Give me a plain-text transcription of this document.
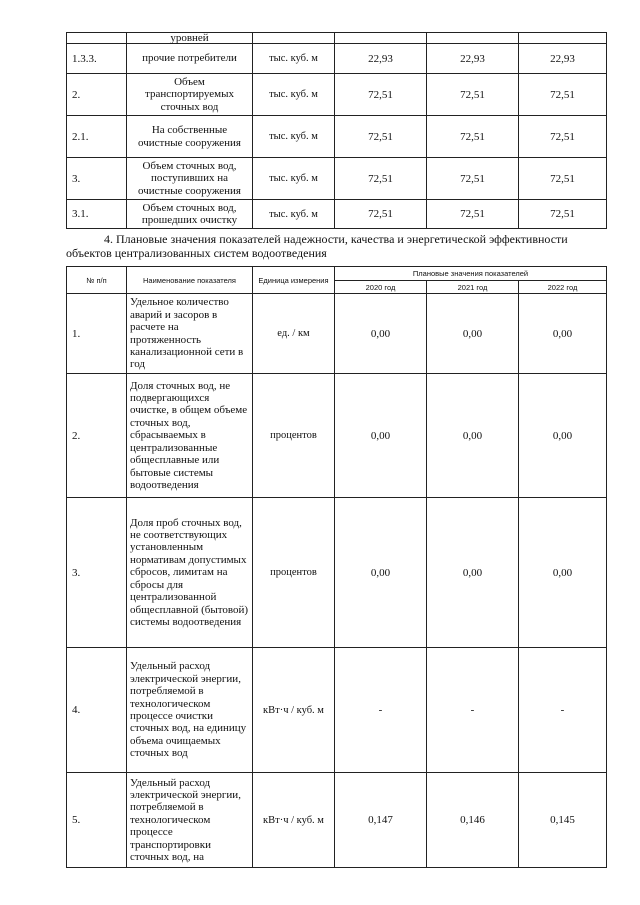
	уровней				
1.3.3.	прочие потребители	тыс. куб. м	22,93	22,93	22,93
2.	Объем транспортируемых сточных вод	тыс. куб. м	72,51	72,51	72,51
2.1.	На собственные очистные сооружения	тыс. куб. м	72,51	72,51	72,51
3.	Объем сточных вод, поступивших на очистные сооружения	тыс. куб. м	72,51	72,51	72,51
3.1.	Объем сточных вод, прошедших очистку	тыс. куб. м	72,51	72,51	72,51
4. Плановые значения показателей надежности, качества и энергетической эффективности
объектов централизованных систем водоотведения
№ п/п	Наименование показателя	Единица измерения	Плановые значения показателей		
			2020 год	2021 год	2022 год
1.	Удельное количество аварий и засоров в расчете на протяженность канализационной сети в год	ед. / км	0,00	0,00	0,00
2.	Доля сточных вод, не подвергающихся очистке, в общем объеме сточных вод, сбрасываемых в централизованные общесплавные или бытовые системы водоотведения	процентов	0,00	0,00	0,00
3.	Доля проб сточных вод, не соответствующих установленным нормативам допустимых сбросов, лимитам на сбросы для централизованной общесплавной (бытовой) системы водоотведения	процентов	0,00	0,00	0,00
4.	Удельный расход электрической энергии, потребляемой в технологическом процессе очистки сточных вод, на единицу объема очищаемых сточных вод	кВт·ч / куб. м	-	-	-
5.	Удельный расход электрической энергии, потребляемой в технологическом процессе транспортировки сточных вод, на	кВт·ч / куб. м	0,147	0,146	0,145
